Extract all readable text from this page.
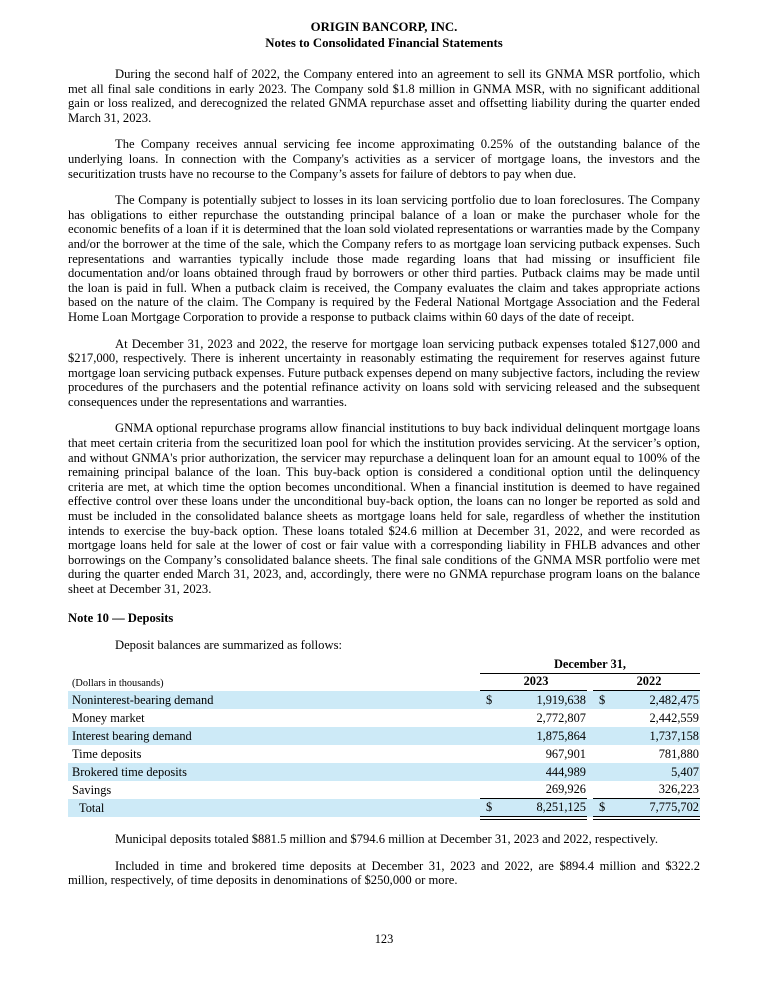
ORIGIN BANCORP, INC.
Notes to Consolidated Financial Statements

During the second half of 2022, the Company entered into an agreement to sell its GNMA MSR portfolio, which met all final sale conditions in early 2023. The Company sold $1.8 million in GNMA MSR, with no significant additional gain or loss realized, and derecognized the related GNMA repurchase asset and offsetting liability during the quarter ended March 31, 2023.

The Company receives annual servicing fee income approximating 0.25% of the outstanding balance of the underlying loans. In connection with the Company's activities as a servicer of mortgage loans, the investors and the securitization trusts have no recourse to the Company’s assets for failure of debtors to pay when due.

The Company is potentially subject to losses in its loan servicing portfolio due to loan foreclosures. The Company has obligations to either repurchase the outstanding principal balance of a loan or make the purchaser whole for the economic benefits of a loan if it is determined that the loan sold violated representations or warranties made by the Company and/or the borrower at the time of the sale, which the Company refers to as mortgage loan servicing putback expenses. Such representations and warranties typically include those made regarding loans that had missing or insufficient file documentation and/or loans obtained through fraud by borrowers or other third parties. Putback claims may be made until the loan is paid in full. When a putback claim is received, the Company evaluates the claim and takes appropriate actions based on the nature of the claim. The Company is required by the Federal National Mortgage Association and the Federal Home Loan Mortgage Corporation to provide a response to putback claims within 60 days of the date of receipt.

At December 31, 2023 and 2022, the reserve for mortgage loan servicing putback expenses totaled $127,000 and $217,000, respectively. There is inherent uncertainty in reasonably estimating the requirement for reserves against future mortgage loan servicing putback expenses. Future putback expenses depend on many subjective factors, including the review procedures of the purchasers and the potential refinance activity on loans sold with servicing released and the subsequent consequences under the representations and warranties.

GNMA optional repurchase programs allow financial institutions to buy back individual delinquent mortgage loans that meet certain criteria from the securitized loan pool for which the institution provides servicing. At the servicer’s option, and without GNMA's prior authorization, the servicer may repurchase a delinquent loan for an amount equal to 100% of the remaining principal balance of the loan. This buy-back option is considered a conditional option until the delinquency criteria are met, at which time the option becomes unconditional. When a financial institution is deemed to have regained effective control over these loans under the unconditional buy-back option, the loans can no longer be reported as sold and must be included in the consolidated balance sheets as mortgage loans held for sale, regardless of whether the institution intends to exercise the buy-back option. These loans totaled $24.6 million at December 31, 2022, and were recorded as mortgage loans held for sale at the lower of cost or fair value with a corresponding liability in FHLB advances and other borrowings on the Company’s consolidated balance sheets. The final sale conditions of the GNMA MSR portfolio were met during the quarter ended March 31, 2023, and, accordingly, there were no GNMA repurchase program loans on the balance sheet at December 31, 2023.

Note 10 — Deposits

Deposit balances are summarized as follows:

December 31,
(Dollars in thousands)	2023	2022
Noninterest-bearing demand	$	1,919,638 $	2,482,475
Money market	2,772,807	2,442,559
Interest bearing demand	1,875,864	1,737,158
Time deposits	967,901	781,880
Brokered time deposits	444,989	5,407
Savings	269,926	326,223
Total	$	8,251,125 $	7,775,702

Municipal deposits totaled $881.5 million and $794.6 million at December 31, 2023 and 2022, respectively.

Included in time and brokered time deposits at December 31, 2023 and 2022, are $894.4 million and $322.2 million, respectively, of time deposits in denominations of $250,000 or more.

123
